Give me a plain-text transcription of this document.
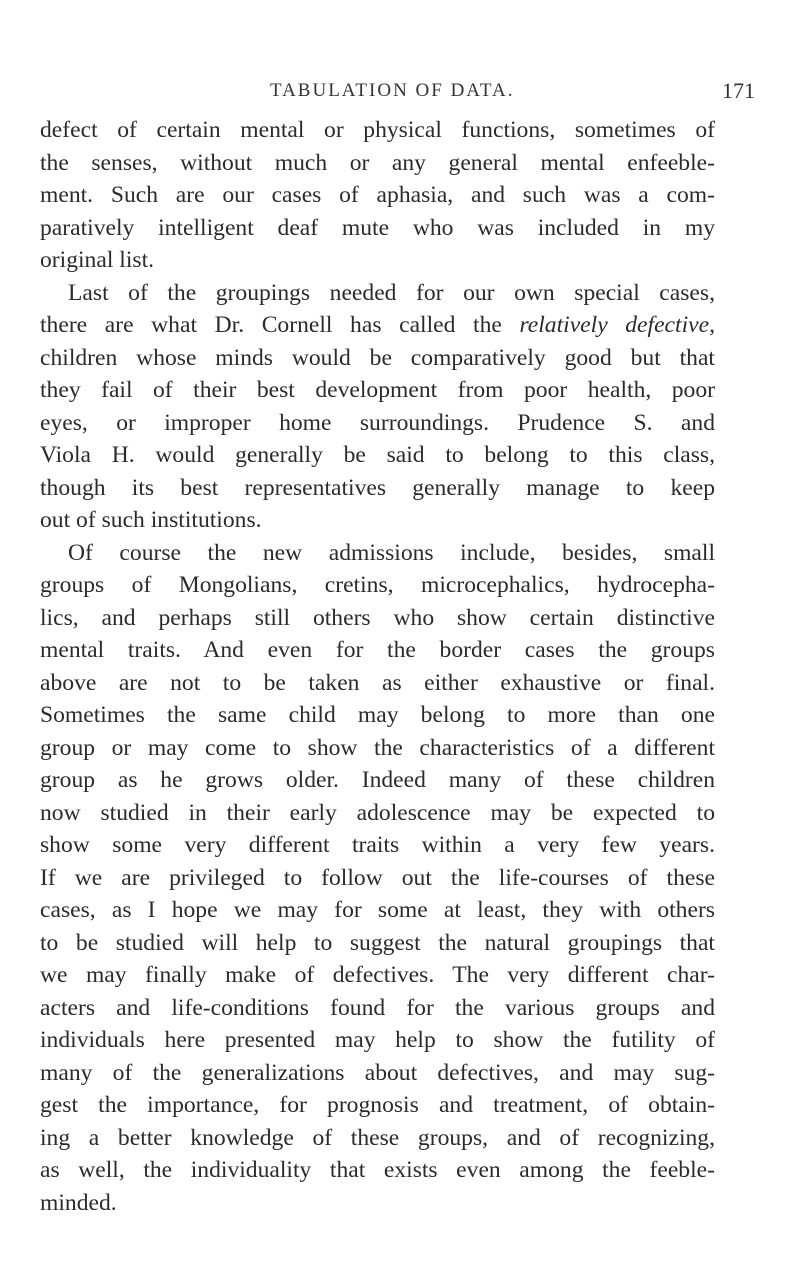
TABULATION OF DATA.	171
defect of certain mental or physical functions, sometimes of
the senses, without much or any general mental enfeeble-
ment. Such are our cases of aphasia, and such was a com-
paratively intelligent deaf mute who was included in my
original list.
Last of the groupings needed for our own special cases,
there are what Dr. Cornell has called the relatively defective,
children whose minds would be comparatively good but that
they fail of their best development from poor health, poor
eyes, or improper home surroundings. Prudence S. and
Viola H. would generally be said to belong to this class,
though its best representatives generally manage to keep
out of such institutions.
Of course the new admissions include, besides, small
groups of Mongolians, cretins, microcephalics, hydrocepha-
lics, and perhaps still others who show certain distinctive
mental traits. And even for the border cases the groups
above are not to be taken as either exhaustive or final.
Sometimes the same child may belong to more than one
group or may come to show the characteristics of a different
group as he grows older. Indeed many of these children
now studied in their early adolescence may be expected to
show some very different traits within a very few years.
If we are privileged to follow out the life-courses of these
cases, as I hope we may for some at least, they with others
to be studied will help to suggest the natural groupings that
we may finally make of defectives. The very different char-
acters and life-conditions found for the various groups and
individuals here presented may help to show the futility of
many of the generalizations about defectives, and may sug-
gest the importance, for prognosis and treatment, of obtain-
ing a better knowledge of these groups, and of recognizing,
as well, the individuality that exists even among the feeble-
minded.
